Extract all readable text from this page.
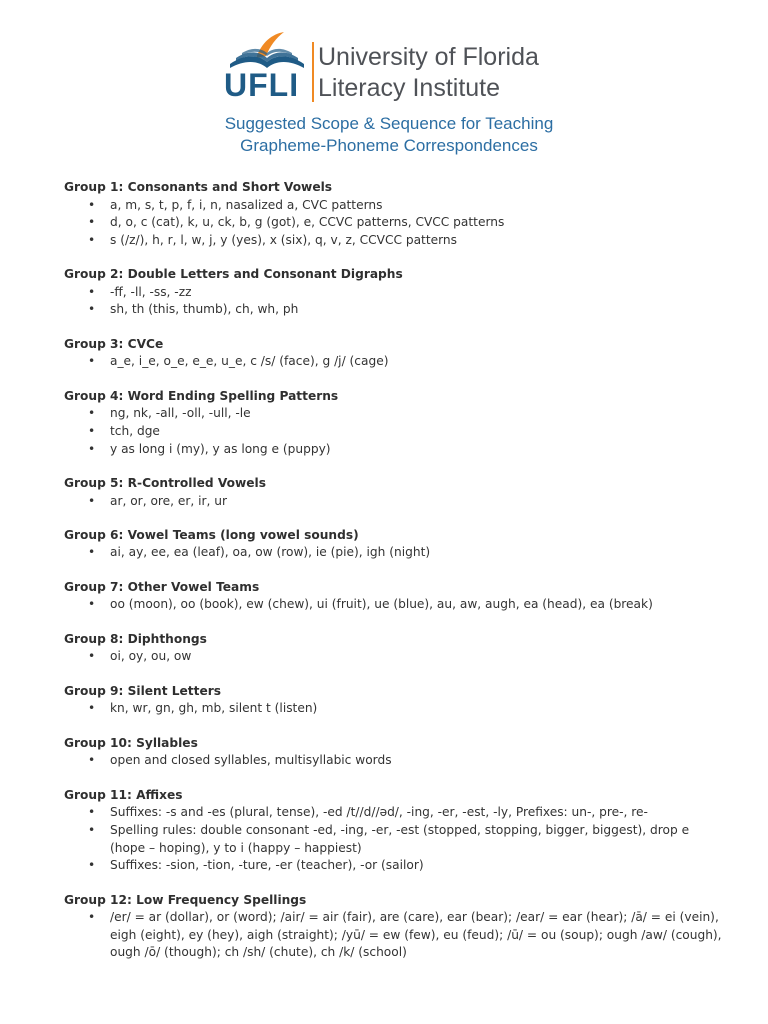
UFLI
University of Florida
Literacy Institute
Suggested Scope & Sequence for Teaching
Grapheme-Phoneme Correspondences
Group 1: Consonants and Short Vowels
• a, m, s, t, p, f, i, n, nasalized a, CVC patterns
• d, o, c (cat), k, u, ck, b, g (got), e, CCVC patterns, CVCC patterns
• s (/z/), h, r, l, w, j, y (yes), x (six), q, v, z, CCVCC patterns
Group 2: Double Letters and Consonant Digraphs
• -ff, -ll, -ss, -zz
• sh, th (this, thumb), ch, wh, ph
Group 3: CVCe
• a_e, i_e, o_e, e_e, u_e, c /s/ (face), g /j/ (cage)
Group 4: Word Ending Spelling Patterns
• ng, nk, -all, -oll, -ull, -le
• tch, dge
• y as long i (my), y as long e (puppy)
Group 5: R-Controlled Vowels
• ar, or, ore, er, ir, ur
Group 6: Vowel Teams (long vowel sounds)
• ai, ay, ee, ea (leaf), oa, ow (row), ie (pie), igh (night)
Group 7: Other Vowel Teams
• oo (moon), oo (book), ew (chew), ui (fruit), ue (blue), au, aw, augh, ea (head), ea (break)
Group 8: Diphthongs
• oi, oy, ou, ow
Group 9: Silent Letters
• kn, wr, gn, gh, mb, silent t (listen)
Group 10: Syllables
• open and closed syllables, multisyllabic words
Group 11: Affixes
• Suffixes: -s and -es (plural, tense), -ed /t//d//əd/, -ing, -er, -est, -ly, Prefixes: un-, pre-, re-
• Spelling rules: double consonant -ed, -ing, -er, -est (stopped, stopping, bigger, biggest), drop e (hope – hoping), y to i (happy – happiest)
• Suffixes: -sion, -tion, -ture, -er (teacher), -or (sailor)
Group 12: Low Frequency Spellings
• /er/ = ar (dollar), or (word); /air/ = air (fair), are (care), ear (bear); /ear/ = ear (hear); /ā/ = ei (vein), eigh (eight), ey (hey), aigh (straight); /yū/ = ew (few), eu (feud); /ū/ = ou (soup); ough /aw/ (cough), ough /ō/ (though); ch /sh/ (chute), ch /k/ (school)
